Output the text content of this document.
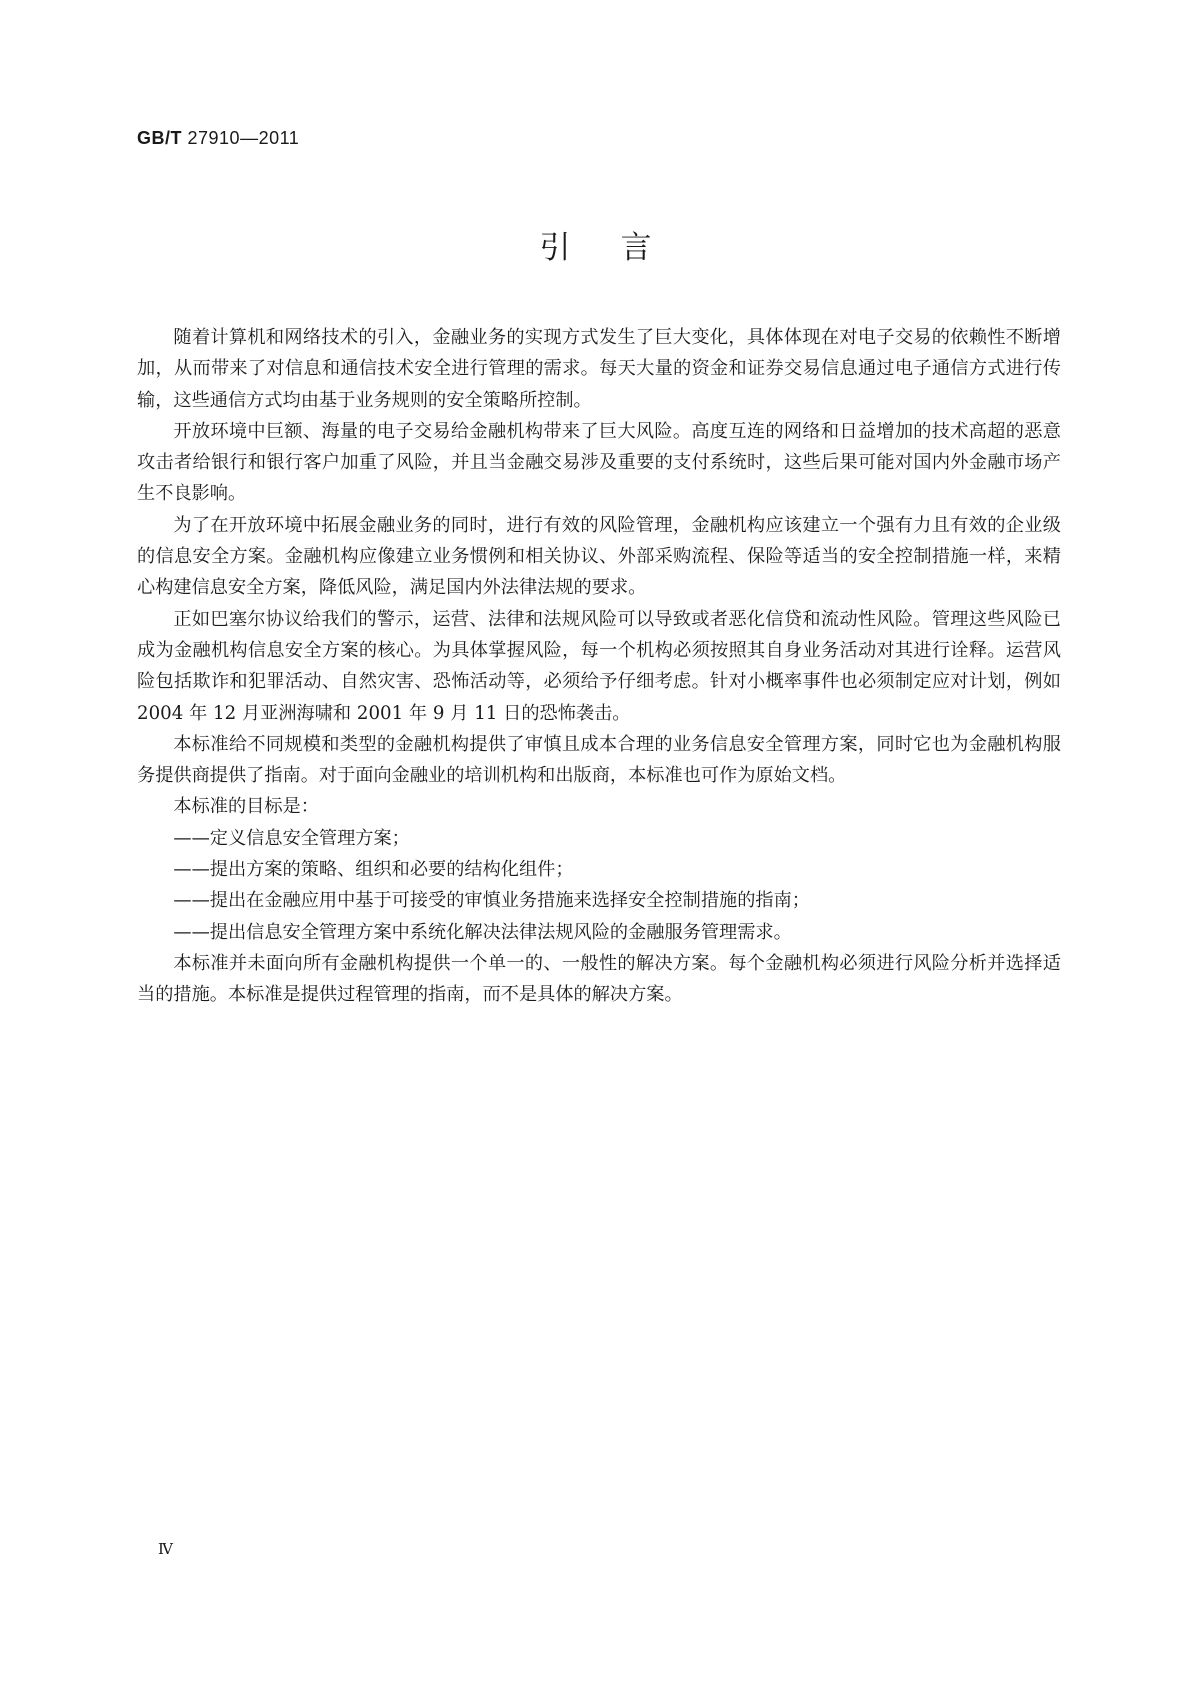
GB/T 27910—2011
引言

随着计算机和网络技术的引入，金融业务的实现方式发生了巨大变化，具体体现在对电子交易的依赖性不断增加，从而带来了对信息和通信技术安全进行管理的需求。每天大量的资金和证券交易信息通过电子通信方式进行传输，这些通信方式均由基于业务规则的安全策略所控制。

开放环境中巨额、海量的电子交易给金融机构带来了巨大风险。高度互连的网络和日益增加的技术高超的恶意攻击者给银行和银行客户加重了风险，并且当金融交易涉及重要的支付系统时，这些后果可能对国内外金融市场产生不良影响。

为了在开放环境中拓展金融业务的同时，进行有效的风险管理，金融机构应该建立一个强有力且有效的企业级的信息安全方案。金融机构应像建立业务惯例和相关协议、外部采购流程、保险等适当的安全控制措施一样，来精心构建信息安全方案，降低风险，满足国内外法律法规的要求。

正如巴塞尔协议给我们的警示，运营、法律和法规风险可以导致或者恶化信贷和流动性风险。管理这些风险已成为金融机构信息安全方案的核心。为具体掌握风险，每一个机构必须按照其自身业务活动对其进行诠释。运营风险包括欺诈和犯罪活动、自然灾害、恐怖活动等，必须给予仔细考虑。针对小概率事件也必须制定应对计划，例如 2004 年 12 月亚洲海啸和 2001 年 9 月 11 日的恐怖袭击。

本标准给不同规模和类型的金融机构提供了审慎且成本合理的业务信息安全管理方案，同时它也为金融机构服务提供商提供了指南。对于面向金融业的培训机构和出版商，本标准也可作为原始文档。

本标准的目标是：

——定义信息安全管理方案；

——提出方案的策略、组织和必要的结构化组件；

——提出在金融应用中基于可接受的审慎业务措施来选择安全控制措施的指南；

——提出信息安全管理方案中系统化解决法律法规风险的金融服务管理需求。

本标准并未面向所有金融机构提供一个单一的、一般性的解决方案。每个金融机构必须进行风险分析并选择适当的措施。本标准是提供过程管理的指南，而不是具体的解决方案。

Ⅳ
